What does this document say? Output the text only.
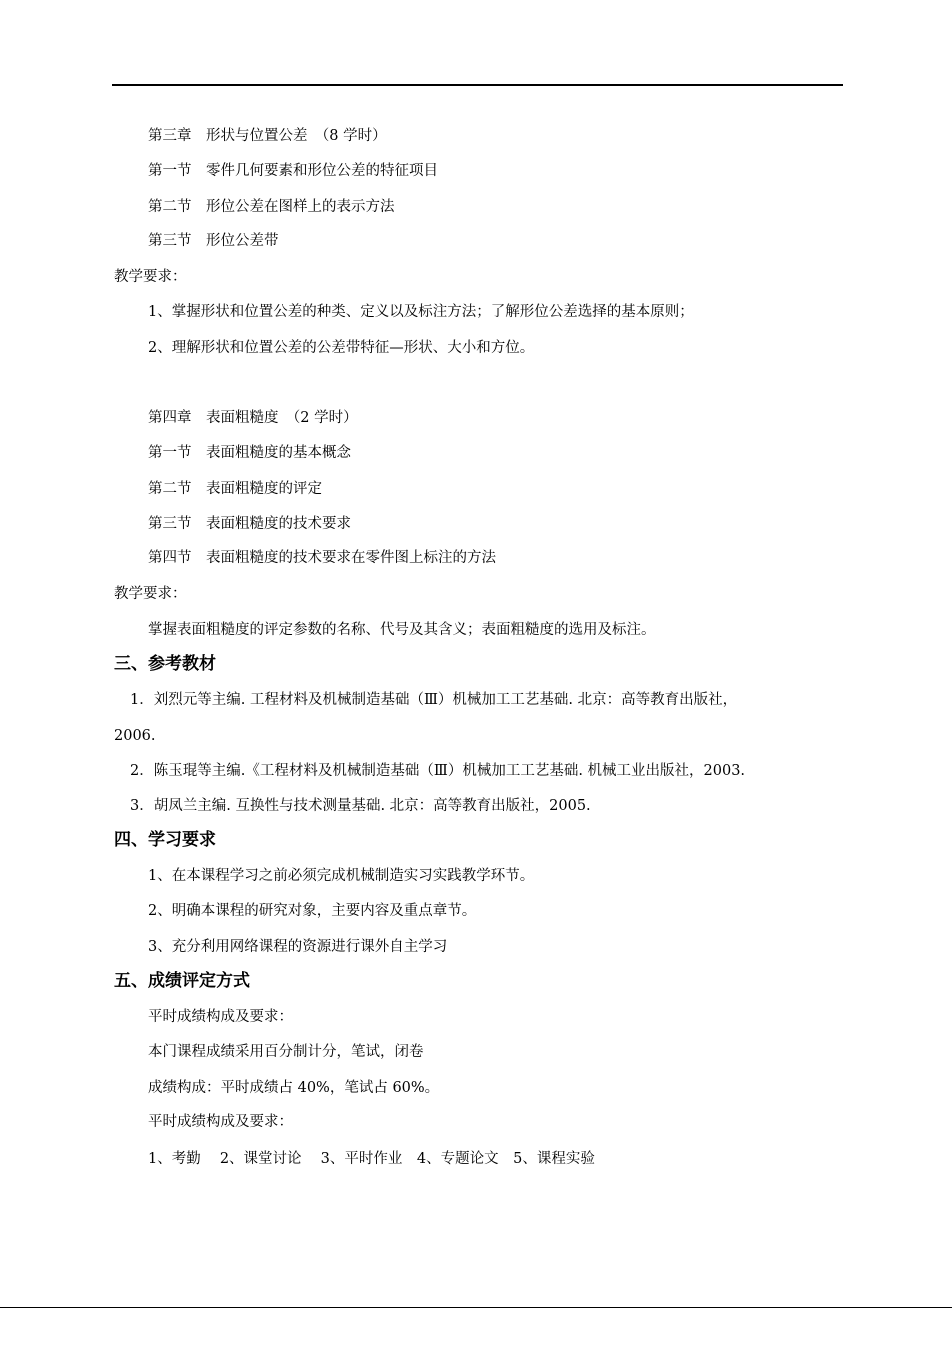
第三章　形状与位置公差　（8 学时）
第一节　零件几何要素和形位公差的特征项目
第二节　形位公差在图样上的表示方法
第三节　形位公差带
教学要求：
1、掌握形状和位置公差的种类、定义以及标注方法；了解形位公差选择的基本原则；
2、理解形状和位置公差的公差带特征—形状、大小和方位。
第四章　表面粗糙度　（2 学时）
第一节　表面粗糙度的基本概念
第二节　表面粗糙度的评定
第三节　表面粗糙度的技术要求
第四节　表面粗糙度的技术要求在零件图上标注的方法
教学要求：
掌握表面粗糙度的评定参数的名称、代号及其含义；表面粗糙度的选用及标注。
三、参考教材
1．刘烈元等主编. 工程材料及机械制造基础（Ⅲ）机械加工工艺基础. 北京：高等教育出版社，
2006.
2．陈玉琨等主编.《工程材料及机械制造基础（Ⅲ）机械加工工艺基础. 机械工业出版社，2003.
3．胡凤兰主编. 互换性与技术测量基础. 北京：高等教育出版社，2005.
四、学习要求
1、在本课程学习之前必须完成机械制造实习实践教学环节。
2、明确本课程的研究对象，主要内容及重点章节。
3、充分利用网络课程的资源进行课外自主学习
五、成绩评定方式
平时成绩构成及要求：
本门课程成绩采用百分制计分，笔试，闭卷
成绩构成：平时成绩占 40%，笔试占 60%。
平时成绩构成及要求：
1、考勤　 2、课堂讨论　 3、平时作业　4、专题论文　5、课程实验
